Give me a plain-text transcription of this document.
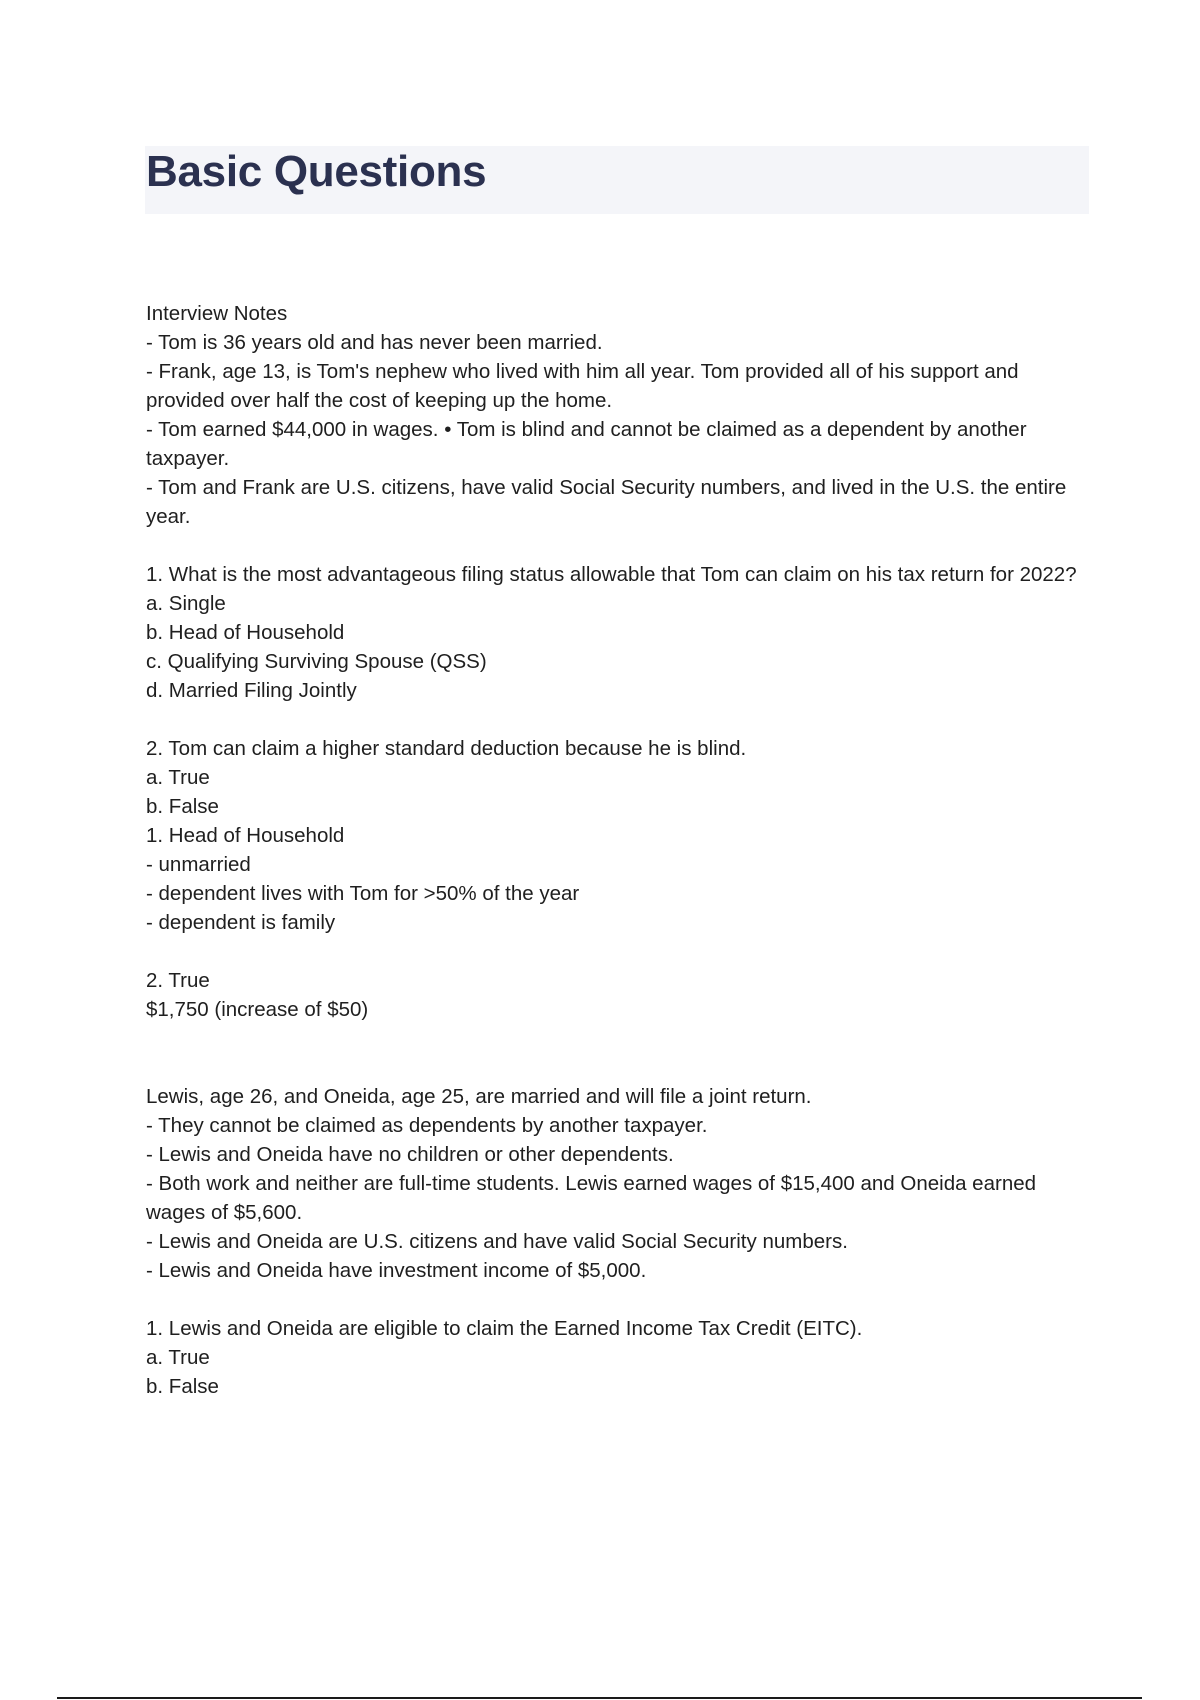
Basic Questions
Interview Notes
- Tom is 36 years old and has never been married.
- Frank, age 13, is Tom's nephew who lived with him all year. Tom provided all of his support and provided over half the cost of keeping up the home.
- Tom earned $44,000 in wages. • Tom is blind and cannot be claimed as a dependent by another taxpayer.
- Tom and Frank are U.S. citizens, have valid Social Security numbers, and lived in the U.S. the entire year.
1. What is the most advantageous filing status allowable that Tom can claim on his tax return for 2022?
a. Single
b. Head of Household
c. Qualifying Surviving Spouse (QSS)
d. Married Filing Jointly
2. Tom can claim a higher standard deduction because he is blind.
a. True
b. False
1. Head of Household
- unmarried
- dependent lives with Tom for >50% of the year
- dependent is family
2. True
$1,750 (increase of $50)
Lewis, age 26, and Oneida, age 25, are married and will file a joint return.
- They cannot be claimed as dependents by another taxpayer.
- Lewis and Oneida have no children or other dependents.
- Both work and neither are full-time students. Lewis earned wages of $15,400 and Oneida earned wages of $5,600.
- Lewis and Oneida are U.S. citizens and have valid Social Security numbers.
- Lewis and Oneida have investment income of $5,000.
1. Lewis and Oneida are eligible to claim the Earned Income Tax Credit (EITC).
a. True
b. False
